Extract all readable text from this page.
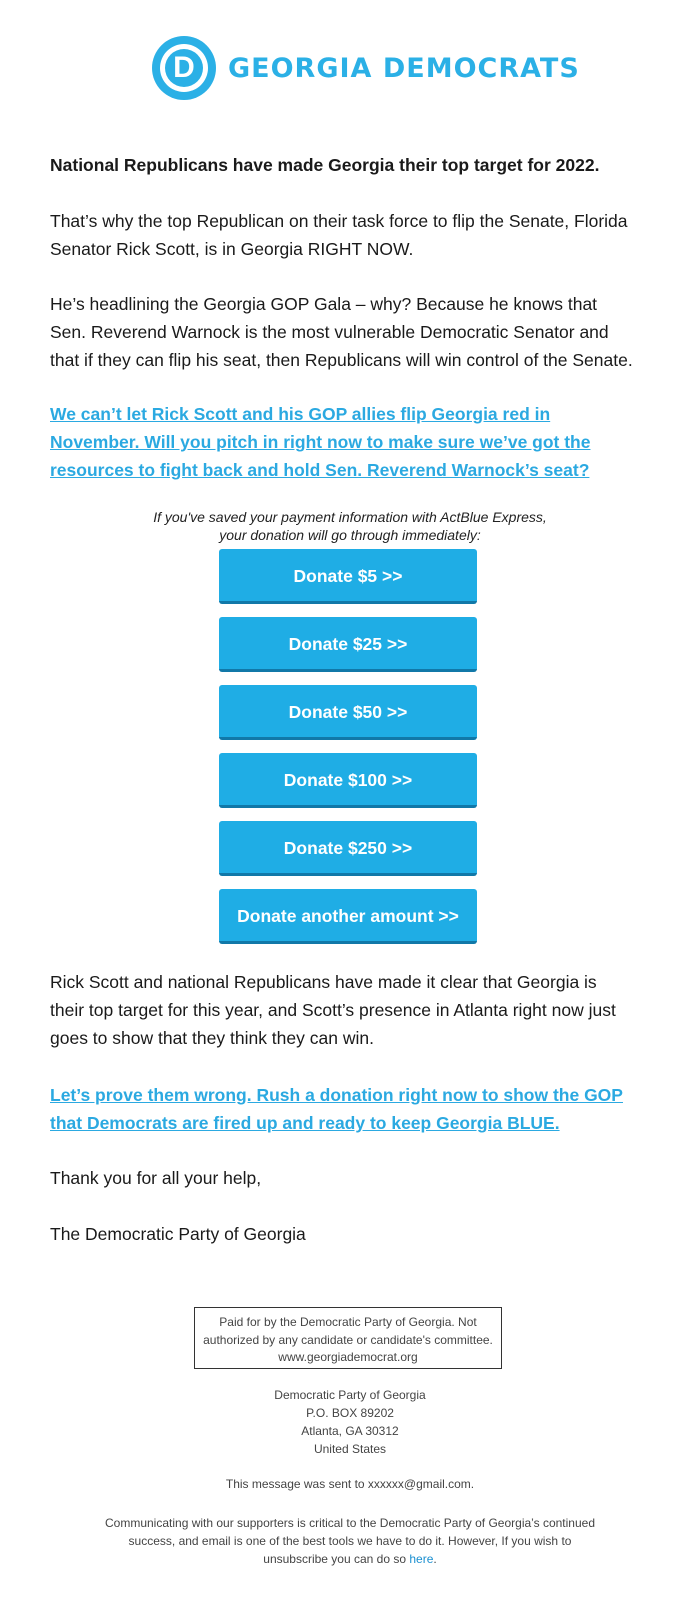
D	GEORGIA DEMOCRATS

National Republicans have made Georgia their top target for 2022.

That’s why the top Republican on their task force to flip the Senate, Florida

Senator Rick Scott, is in Georgia RIGHT NOW.

He’s headlining the Georgia GOP Gala – why? Because he knows that

Sen. Reverend Warnock is the most vulnerable Democratic Senator and

that if they can flip his seat, then Republicans will win control of the Senate.

We can’t let Rick Scott and his GOP allies flip Georgia red in
November. Will you pitch in right now to make sure we’ve got the
resources to fight back and hold Sen. Reverend Warnock’s seat?
If you've saved your payment information with ActBlue Express,
your donation will go through immediately:
Donate $5 >>
Donate $25 >>
Donate $50 >>
Donate $100 >>
Donate $250 >>
Donate another amount >>

Rick Scott and national Republicans have made it clear that Georgia is

their top target for this year, and Scott’s presence in Atlanta right now just

goes to show that they think they can win.

Let’s prove them wrong. Rush a donation right now to show the GOP
that Democrats are fired up and ready to keep Georgia BLUE.

Thank you for all your help,

The Democratic Party of Georgia

Paid for by the Democratic Party of Georgia. Not
authorized by any candidate or candidate's committee.
www.georgiademocrat.org
Democratic Party of Georgia
P.O. BOX 89202
Atlanta, GA 30312
United States
This message was sent to xxxxxx@gmail.com.
Communicating with our supporters is critical to the Democratic Party of Georgia’s continued
success, and email is one of the best tools we have to do it. However, If you wish to
unsubscribe you can do so here.
